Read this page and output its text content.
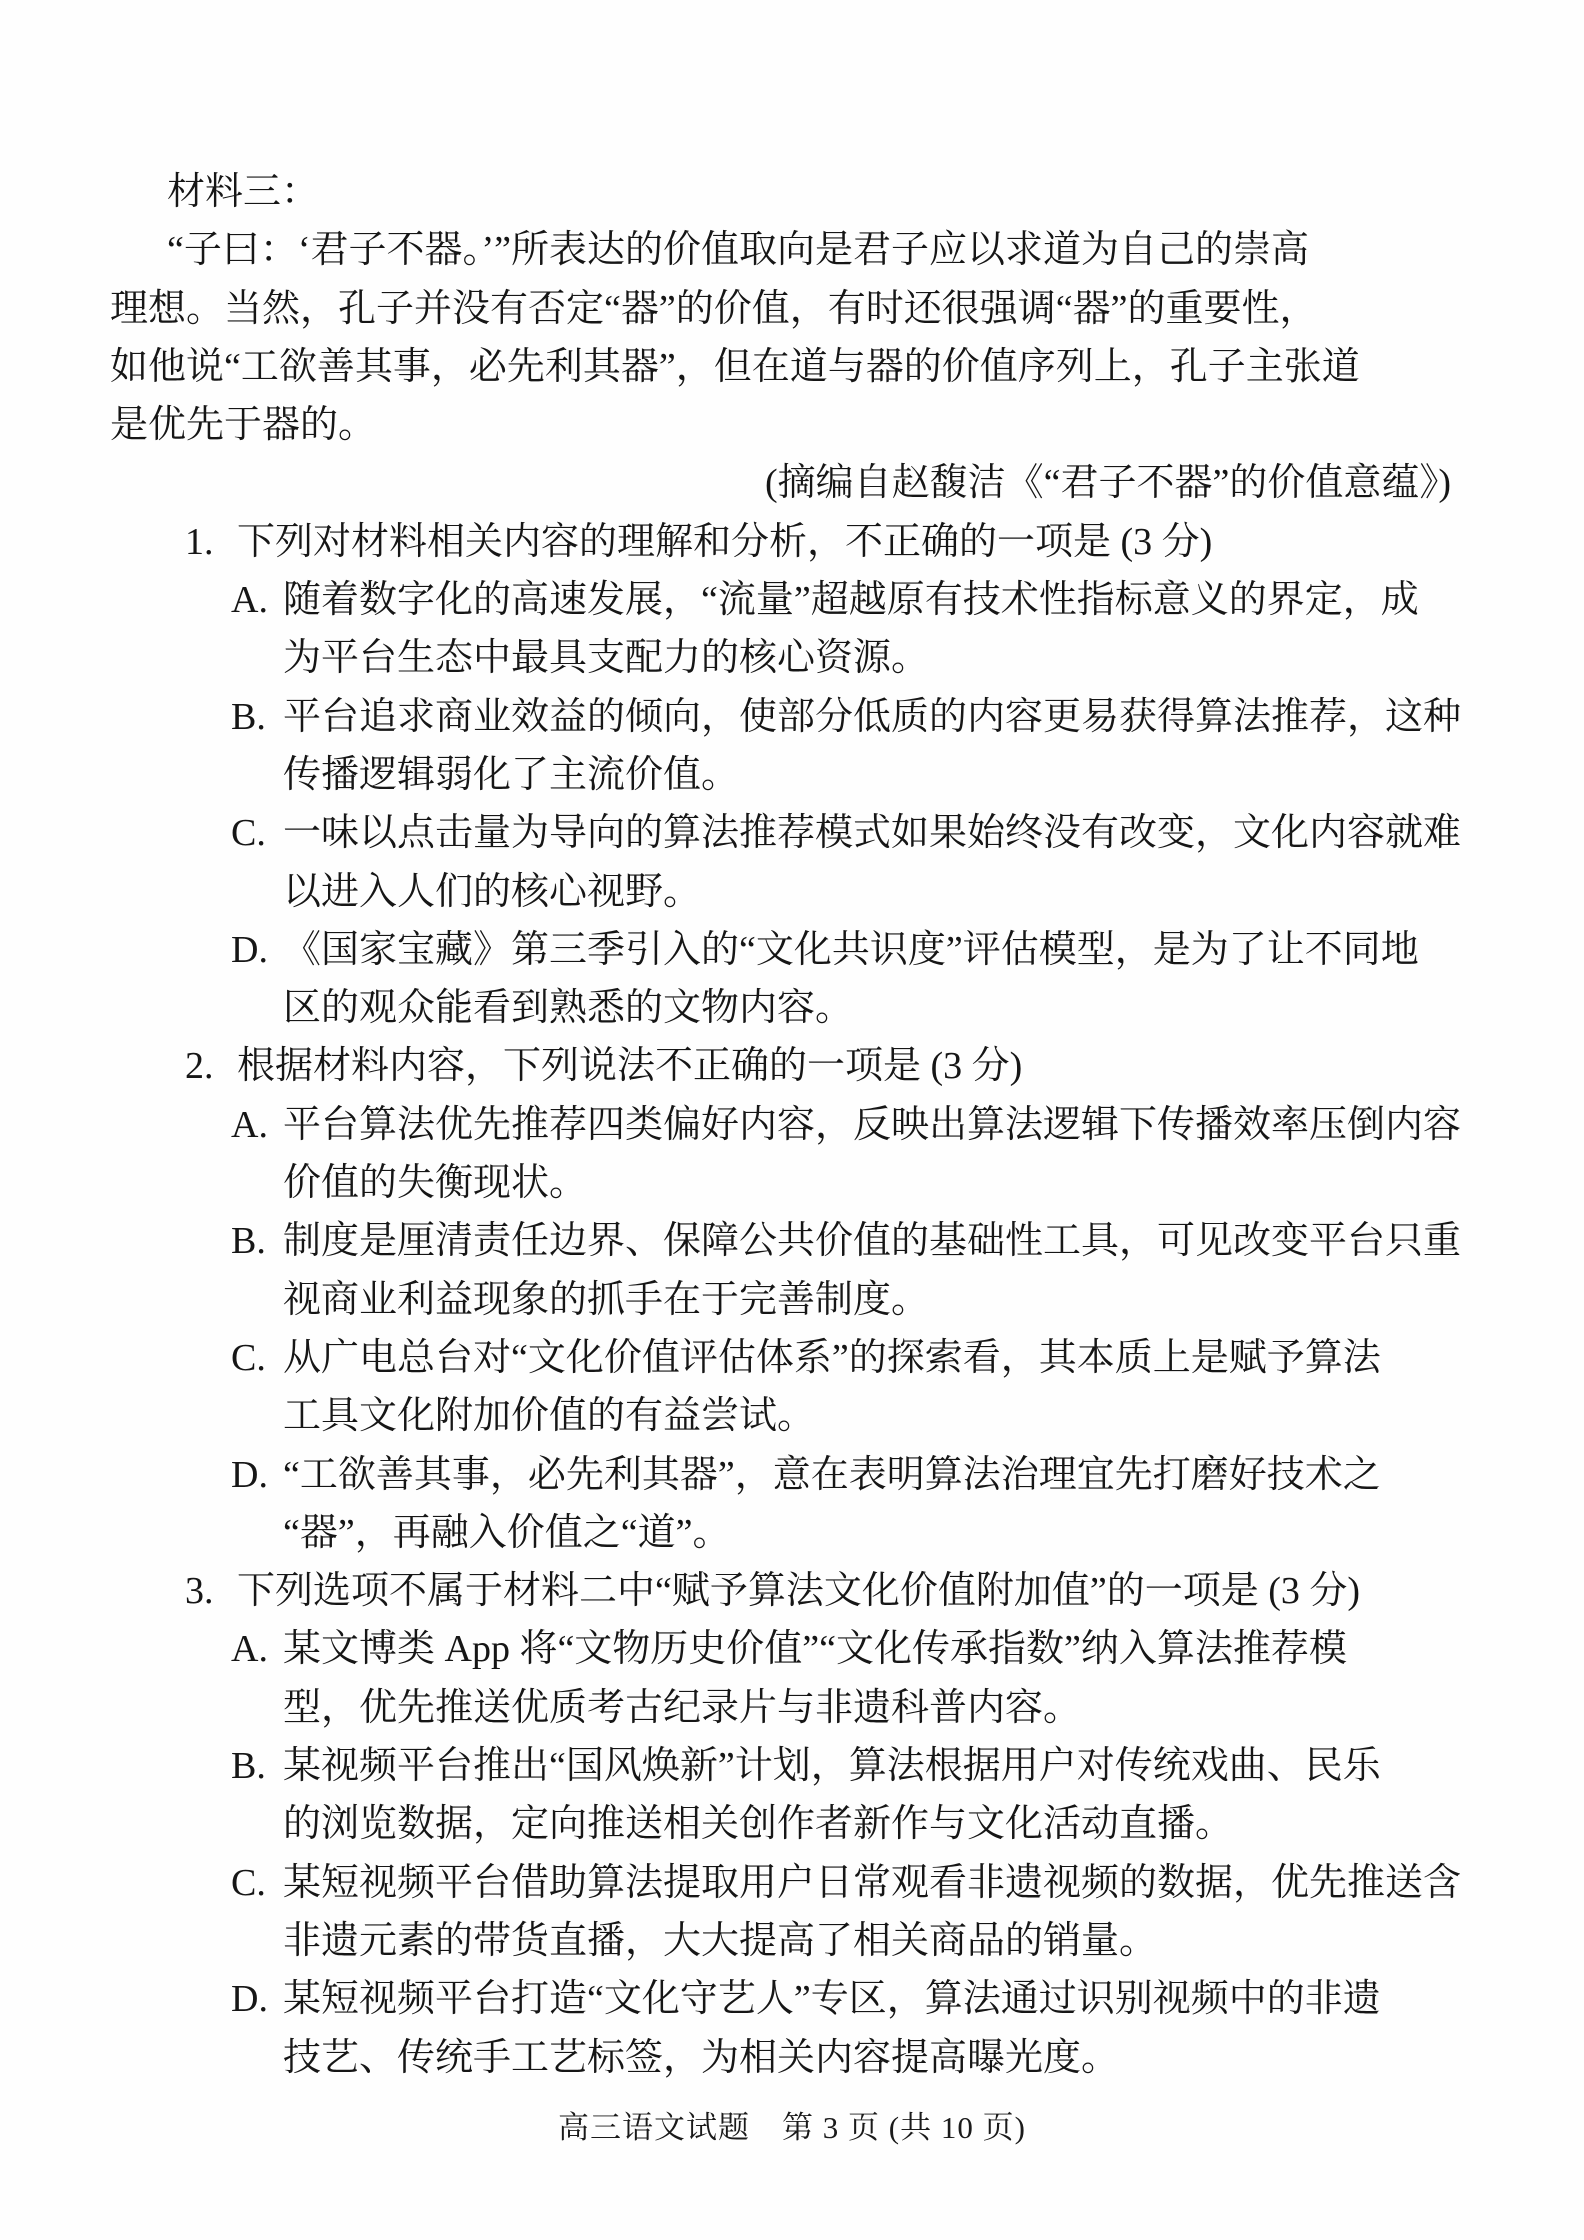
材料三：
“子曰：‘君子不器。’”所表达的价值取向是君子应以求道为自己的崇高
理想。当然，孔子并没有否定“器”的价值，有时还很强调“器”的重要性，
如他说“工欲善其事，必先利其器”，但在道与器的价值序列上，孔子主张道
是优先于器的。
(摘编自赵馥洁《“君子不器”的价值意蕴》)
1. 下列对材料相关内容的理解和分析，不正确的一项是 (3 分)
A. 随着数字化的高速发展，“流量”超越原有技术性指标意义的界定，成
为平台生态中最具支配力的核心资源。
B. 平台追求商业效益的倾向，使部分低质的内容更易获得算法推荐，这种
传播逻辑弱化了主流价值。
C. 一味以点击量为导向的算法推荐模式如果始终没有改变，文化内容就难
以进入人们的核心视野。
D. 《国家宝藏》第三季引入的“文化共识度”评估模型，是为了让不同地
区的观众能看到熟悉的文物内容。
2. 根据材料内容，下列说法不正确的一项是 (3 分)
A. 平台算法优先推荐四类偏好内容，反映出算法逻辑下传播效率压倒内容
价值的失衡现状。
B. 制度是厘清责任边界、保障公共价值的基础性工具，可见改变平台只重
视商业利益现象的抓手在于完善制度。
C. 从广电总台对“文化价值评估体系”的探索看，其本质上是赋予算法
工具文化附加价值的有益尝试。
D. “工欲善其事，必先利其器”，意在表明算法治理宜先打磨好技术之
“器”，再融入价值之“道”。
3. 下列选项不属于材料二中“赋予算法文化价值附加值”的一项是 (3 分)
A. 某文博类 App 将“文物历史价值”“文化传承指数”纳入算法推荐模
型，优先推送优质考古纪录片与非遗科普内容。
B. 某视频平台推出“国风焕新”计划，算法根据用户对传统戏曲、民乐
的浏览数据，定向推送相关创作者新作与文化活动直播。
C. 某短视频平台借助算法提取用户日常观看非遗视频的数据，优先推送含
非遗元素的带货直播，大大提高了相关商品的销量。
D. 某短视频平台打造“文化守艺人”专区，算法通过识别视频中的非遗
技艺、传统手工艺标签，为相关内容提高曝光度。
高三语文试题　第 3 页 (共 10 页)
